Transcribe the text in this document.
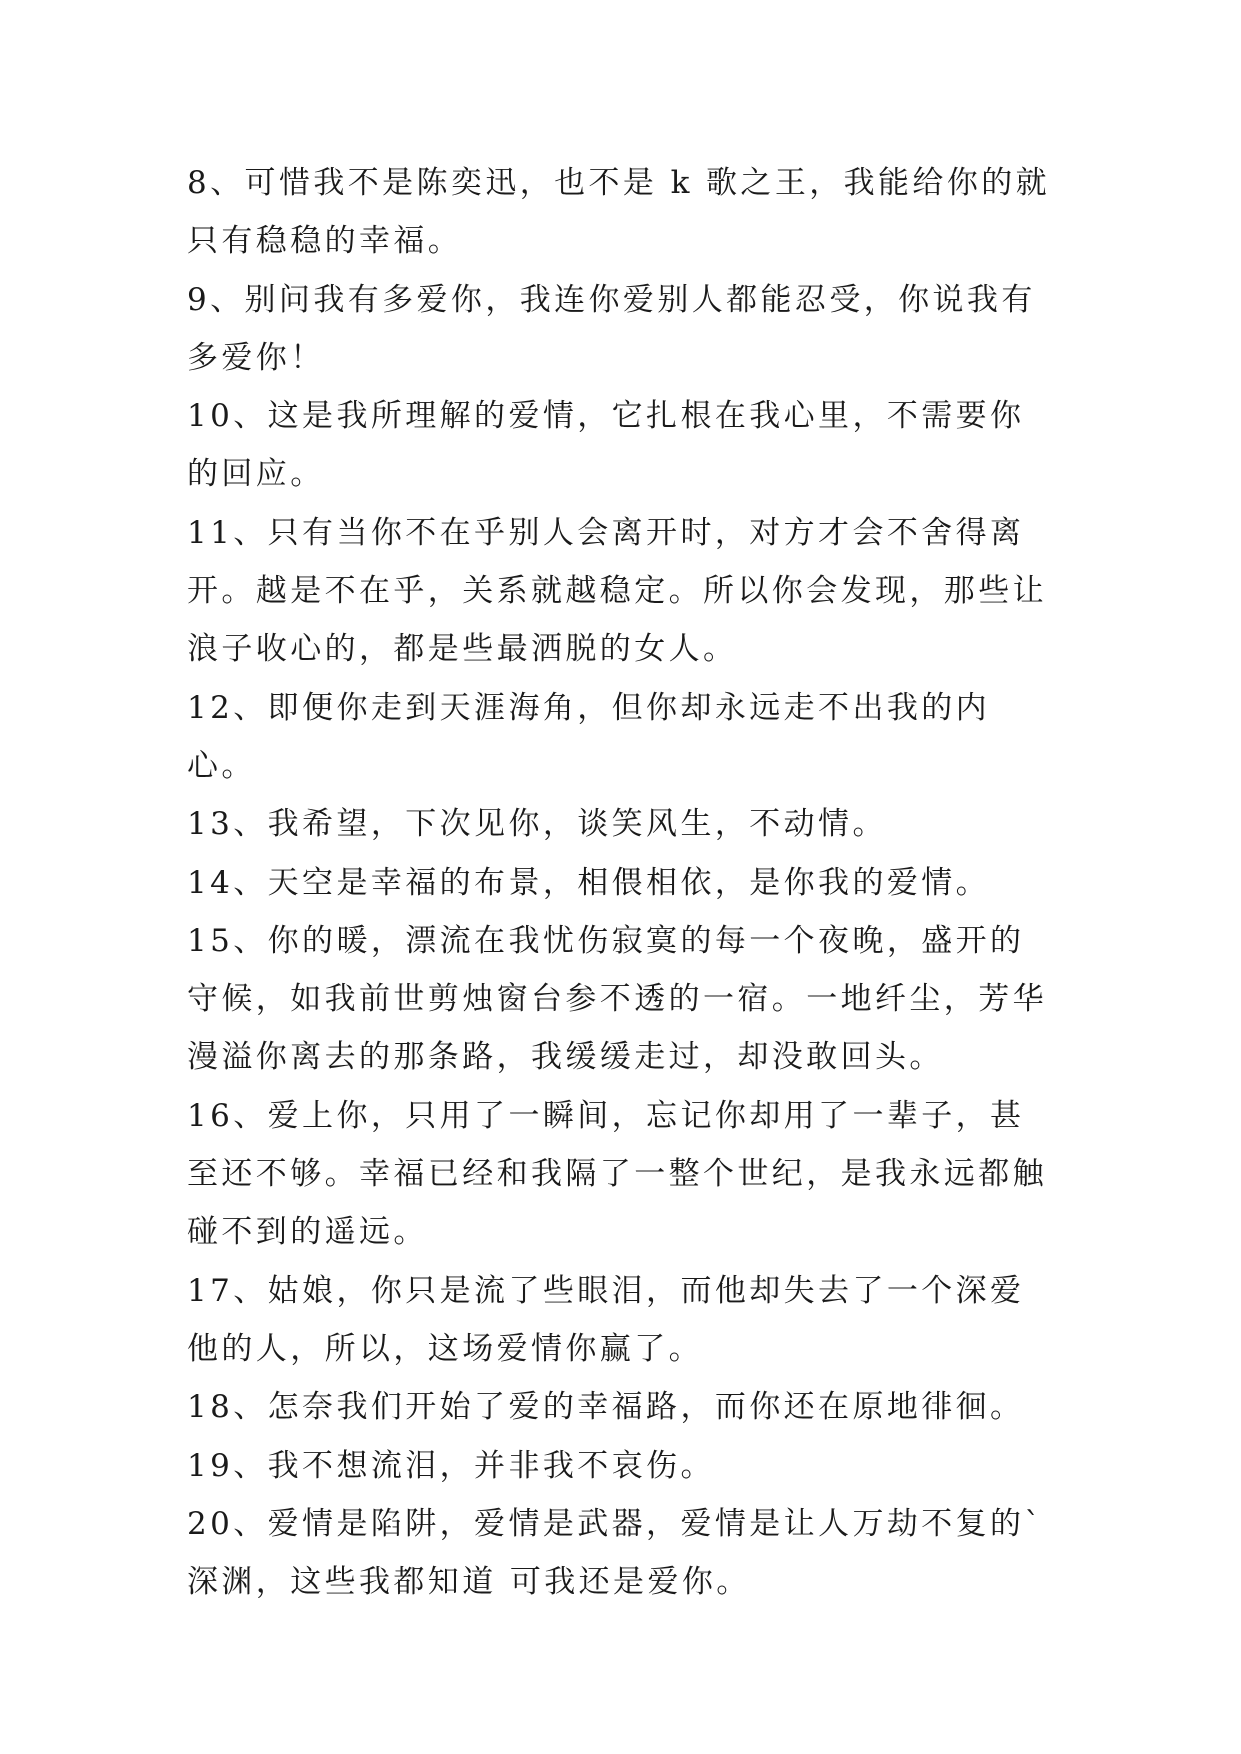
8、可惜我不是陈奕迅，也不是 k 歌之王，我能给你的就只有稳稳的幸福。

9、别问我有多爱你，我连你爱别人都能忍受，你说我有多爱你！

10、这是我所理解的爱情，它扎根在我心里，不需要你的回应。

11、只有当你不在乎别人会离开时，对方才会不舍得离开。越是不在乎，关系就越稳定。所以你会发现，那些让浪子收心的，都是些最洒脱的女人。

12、即便你走到天涯海角，但你却永远走不出我的内心。

13、我希望，下次见你，谈笑风生，不动情。

14、天空是幸福的布景，相偎相依，是你我的爱情。

15、你的暖，漂流在我忧伤寂寞的每一个夜晚，盛开的守候，如我前世剪烛窗台参不透的一宿。一地纤尘，芳华漫溢你离去的那条路，我缓缓走过，却没敢回头。

16、爱上你，只用了一瞬间，忘记你却用了一辈子，甚至还不够。幸福已经和我隔了一整个世纪，是我永远都触碰不到的遥远。

17、姑娘，你只是流了些眼泪，而他却失去了一个深爱他的人，所以，这场爱情你赢了。

18、怎奈我们开始了爱的幸福路，而你还在原地徘徊。

19、我不想流泪，并非我不哀伤。

20、爱情是陷阱，爱情是武器，爱情是让人万劫不复的`深渊，这些我都知道 可我还是爱你。
